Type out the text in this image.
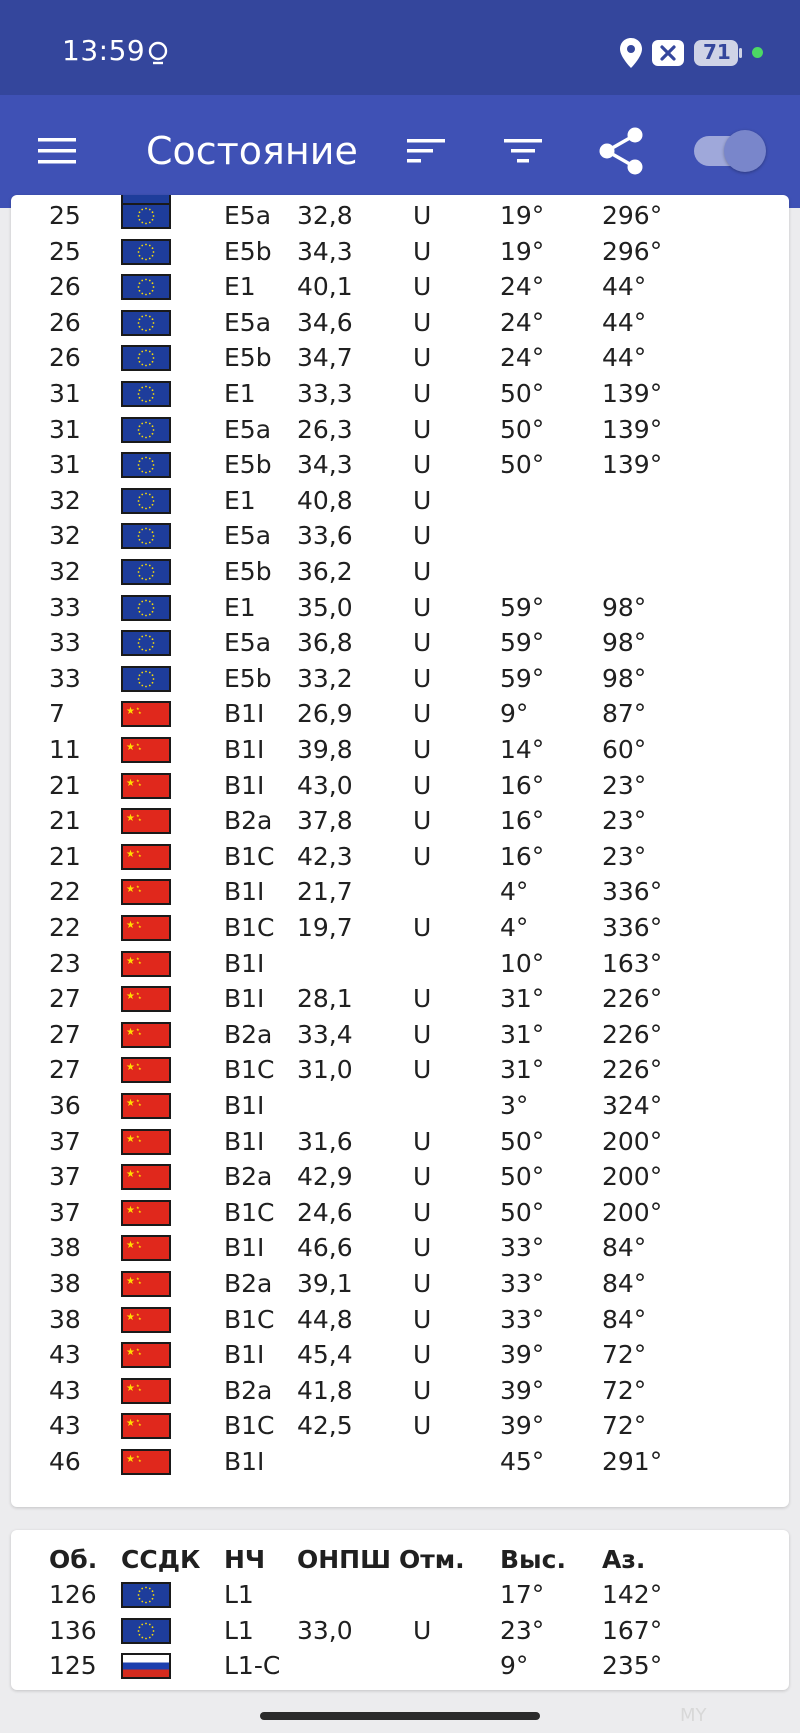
13:59	71
Состояние
25	E5a 32,8 U	19° 296°
25	E5b 34,3 U	19° 296°
26	E1 40,1 U	24° 44°
26	E5a 34,6 U	24° 44°
26	E5b 34,7 U	24° 44°
31	E1 33,3 U	50° 139°
31	E5a 26,3 U	50° 139°
31	E5b 34,3 U	50° 139°
32	E1 40,8 U
32	E5a 33,6 U
32	E5b 36,2 U
33	E1 35,0 U	59° 98°
33	E5a 36,8 U	59° 98°
33	E5b 33,2 U	59° 98°
7	B1I 26,9 U	9°	87°
★ ★
★
11	B1I 39,8 U	14° 60°
★ ★
★
21	B1I 43,0 U	16° 23°
★ ★
★
21	B2a 37,8 U	16° 23°
★ ★
★
21	B1C 42,3 U	16° 23°
★ ★
★
22	B1I 21,7	4°	336°
★ ★
★
22	B1C 19,7 U	4°	336°
★ ★
★
23	B1I	10° 163°
★ ★
★
27	B1I 28,1 U	31° 226°
★ ★
★
27	B2a 33,4 U	31° 226°
★ ★
★
27	B1C 31,0 U	31° 226°
★ ★
★
36	B1I	3°	324°
★ ★
★
37	B1I 31,6 U	50° 200°
★ ★
★
37	B2a 42,9 U	50° 200°
★ ★
★
37	B1C 24,6 U	50° 200°
★ ★
★
38	B1I 46,6 U	33° 84°
★ ★
★
38	B2a 39,1 U	33° 84°
★ ★
★
38	B1C 44,8 U	33° 84°
★ ★
★
43	B1I 45,4 U	39° 72°
★ ★
★
43	B2a 41,8 U	39° 72°
★ ★
★
43	B1C 42,5 U	39° 72°
★ ★
★
46	B1I	45° 291°
★ ★
★
Об. ССДК НЧ ОНПШ Отм. Выс. Аз.
126	L1	17° 142°
136	L1 33,0 U	23° 167°
125	L1-C	9°	235°
MY
